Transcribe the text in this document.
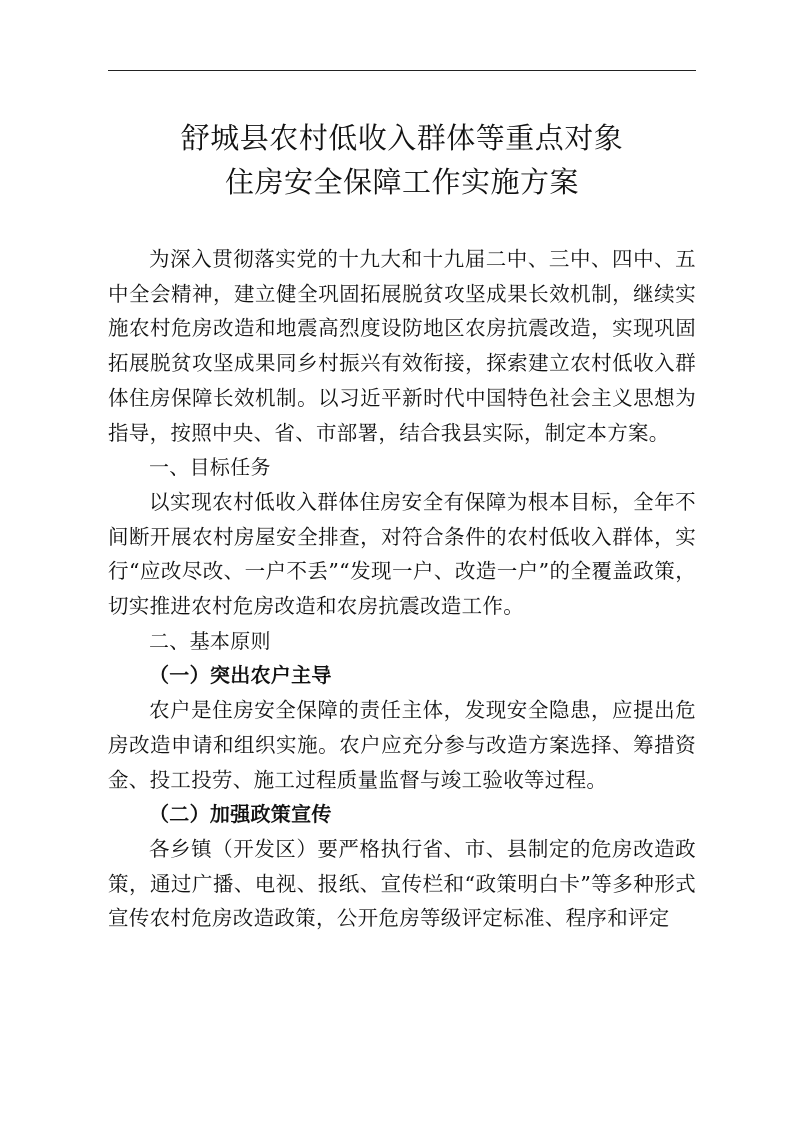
舒城县农村低收入群体等重点对象
住房安全保障工作实施方案

为深入贯彻落实党的十九大和十九届二中、三中、四中、五中全会精神，建立健全巩固拓展脱贫攻坚成果长效机制，继续实施农村危房改造和地震高烈度设防地区农房抗震改造，实现巩固拓展脱贫攻坚成果同乡村振兴有效衔接，探索建立农村低收入群体住房保障长效机制。以习近平新时代中国特色社会主义思想为指导，按照中央、省、市部署，结合我县实际，制定本方案。

一、目标任务

以实现农村低收入群体住房安全有保障为根本目标，全年不间断开展农村房屋安全排查，对符合条件的农村低收入群体，实行“应改尽改、一户不丢”“发现一户、改造一户”的全覆盖政策，切实推进农村危房改造和农房抗震改造工作。

二、基本原则

（一）突出农户主导

农户是住房安全保障的责任主体，发现安全隐患，应提出危房改造申请和组织实施。农户应充分参与改造方案选择、筹措资金、投工投劳、施工过程质量监督与竣工验收等过程。

（二）加强政策宣传

各乡镇（开发区）要严格执行省、市、县制定的危房改造政策，通过广播、电视、报纸、宣传栏和“政策明白卡”等多种形式宣传农村危房改造政策，公开危房等级评定标准、程序和评定
